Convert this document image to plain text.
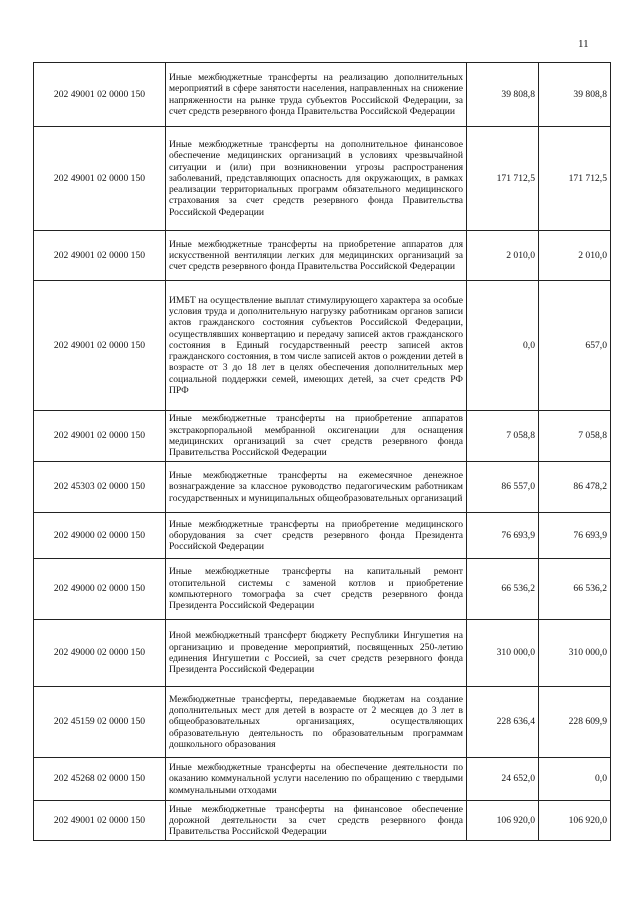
11
202 49001 02 0000 150	Иные межбюджетные трансферты на реализацию дополнительных мероприятий в сфере занятости населения, направленных на снижение напряженности на рынке труда субъектов Российской Федерации, за счет средств резервного фонда Правительства Российской Федерации	39 808,8	39 808,8
202 49001 02 0000 150	Иные межбюджетные трансферты на дополнительное финансовое обеспечение медицинских организаций в условиях чрезвычайной ситуации и (или) при возникновении угрозы распространения заболеваний, представляющих опасность для окружающих, в рамках реализации территориальных программ обязательного медицинского страхования за счет средств резервного фонда Правительства Российской Федерации	171 712,5	171 712,5
202 49001 02 0000 150	Иные межбюджетные трансферты на приобретение аппаратов для искусственной вентиляции легких для медицинских организаций за счет средств резервного фонда Правительства Российской Федерации	2 010,0	2 010,0
202 49001 02 0000 150	ИМБТ на осуществление выплат стимулирующего характера за особые условия труда и дополнительную нагрузку работникам органов записи актов гражданского состояния субъектов Российской Федерации, осуществлявших конвертацию и передачу записей актов гражданского состояния в Единый государственный реестр записей актов гражданского состояния, в том числе записей актов о рождении детей в возрасте от 3 до 18 лет в целях обеспечения дополнительных мер социальной поддержки семей, имеющих детей, за счет средств РФ ПРФ	0,0	657,0
202 49001 02 0000 150	Иные межбюджетные трансферты на приобретение аппаратов экстракорпоральной мембранной оксигенации для оснащения медицинских организаций за счет средств резервного фонда Правительства Российской Федерации	7 058,8	7 058,8
202 45303 02 0000 150	Иные межбюджетные трансферты на ежемесячное денежное вознаграждение за классное руководство педагогическим работникам государственных и муниципальных общеобразовательных организаций	86 557,0	86 478,2
202 49000 02 0000 150	Иные межбюджетные трансферты на приобретение медицинского оборудования за счет средств резервного фонда Президента Российской Федерации	76 693,9	76 693,9
202 49000 02 0000 150	Иные межбюджетные трансферты на капитальный ремонт отопительной системы с заменой котлов и приобретение компьютерного томографа за счет средств резервного фонда Президента Российской Федерации	66 536,2	66 536,2
202 49000 02 0000 150	Иной межбюджетный трансферт бюджету Республики Ингушетия на организацию и проведение мероприятий, посвященных 250-летию единения Ингушетии с Россией, за счет средств резервного фонда Президента Российской Федерации	310 000,0	310 000,0
202 45159 02 0000 150	Межбюджетные трансферты, передаваемые бюджетам на создание дополнительных мест для детей в возрасте от 2 месяцев до 3 лет в общеобразовательных организациях, осуществляющих образовательную деятельность по образовательным программам дошкольного образования	228 636,4	228 609,9
202 45268 02 0000 150	Иные межбюджетные трансферты на обеспечение деятельности по оказанию коммунальной услуги населению по обращению с твердыми коммунальными отходами	24 652,0	0,0
202 49001 02 0000 150	Иные межбюджетные трансферты на финансовое обеспечение дорожной деятельности за счет средств резервного фонда Правительства Российской Федерации	106 920,0	106 920,0
